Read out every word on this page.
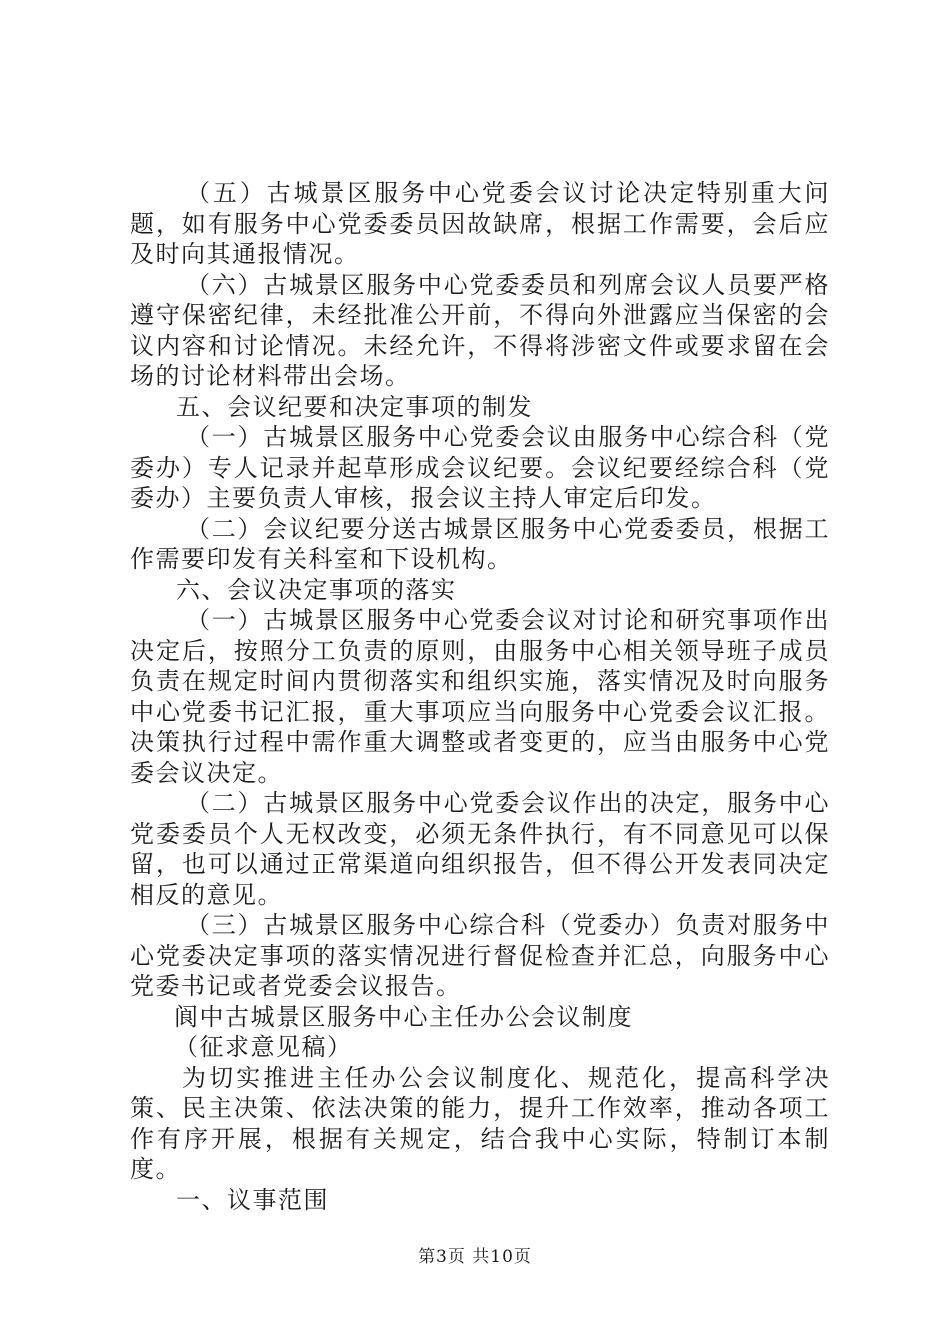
（五）古城景区服务中心党委会议讨论决定特别重大问题，如有服务中心党委委员因故缺席，根据工作需要，会后应及时向其通报情况。

（六）古城景区服务中心党委委员和列席会议人员要严格遵守保密纪律，未经批准公开前，不得向外泄露应当保密的会议内容和讨论情况。未经允许，不得将涉密文件或要求留在会场的讨论材料带出会场。

五、会议纪要和决定事项的制发

（一）古城景区服务中心党委会议由服务中心综合科（党委办）专人记录并起草形成会议纪要。会议纪要经综合科（党委办）主要负责人审核，报会议主持人审定后印发。

（二）会议纪要分送古城景区服务中心党委委员，根据工作需要印发有关科室和下设机构。

六、会议决定事项的落实

（一）古城景区服务中心党委会议对讨论和研究事项作出决定后，按照分工负责的原则，由服务中心相关领导班子成员负责在规定时间内贯彻落实和组织实施，落实情况及时向服务中心党委书记汇报，重大事项应当向服务中心党委会议汇报。决策执行过程中需作重大调整或者变更的，应当由服务中心党委会议决定。

（二）古城景区服务中心党委会议作出的决定，服务中心党委委员个人无权改变，必须无条件执行，有不同意见可以保留，也可以通过正常渠道向组织报告，但不得公开发表同决定相反的意见。

（三）古城景区服务中心综合科（党委办）负责对服务中心党委决定事项的落实情况进行督促检查并汇总，向服务中心党委书记或者党委会议报告。

阆中古城景区服务中心主任办公会议制度

（征求意见稿）

为切实推进主任办公会议制度化、规范化，提高科学决策、民主决策、依法决策的能力，提升工作效率，推动各项工作有序开展，根据有关规定，结合我中心实际，特制订本制度。

一、议事范围

第3页 共10页
